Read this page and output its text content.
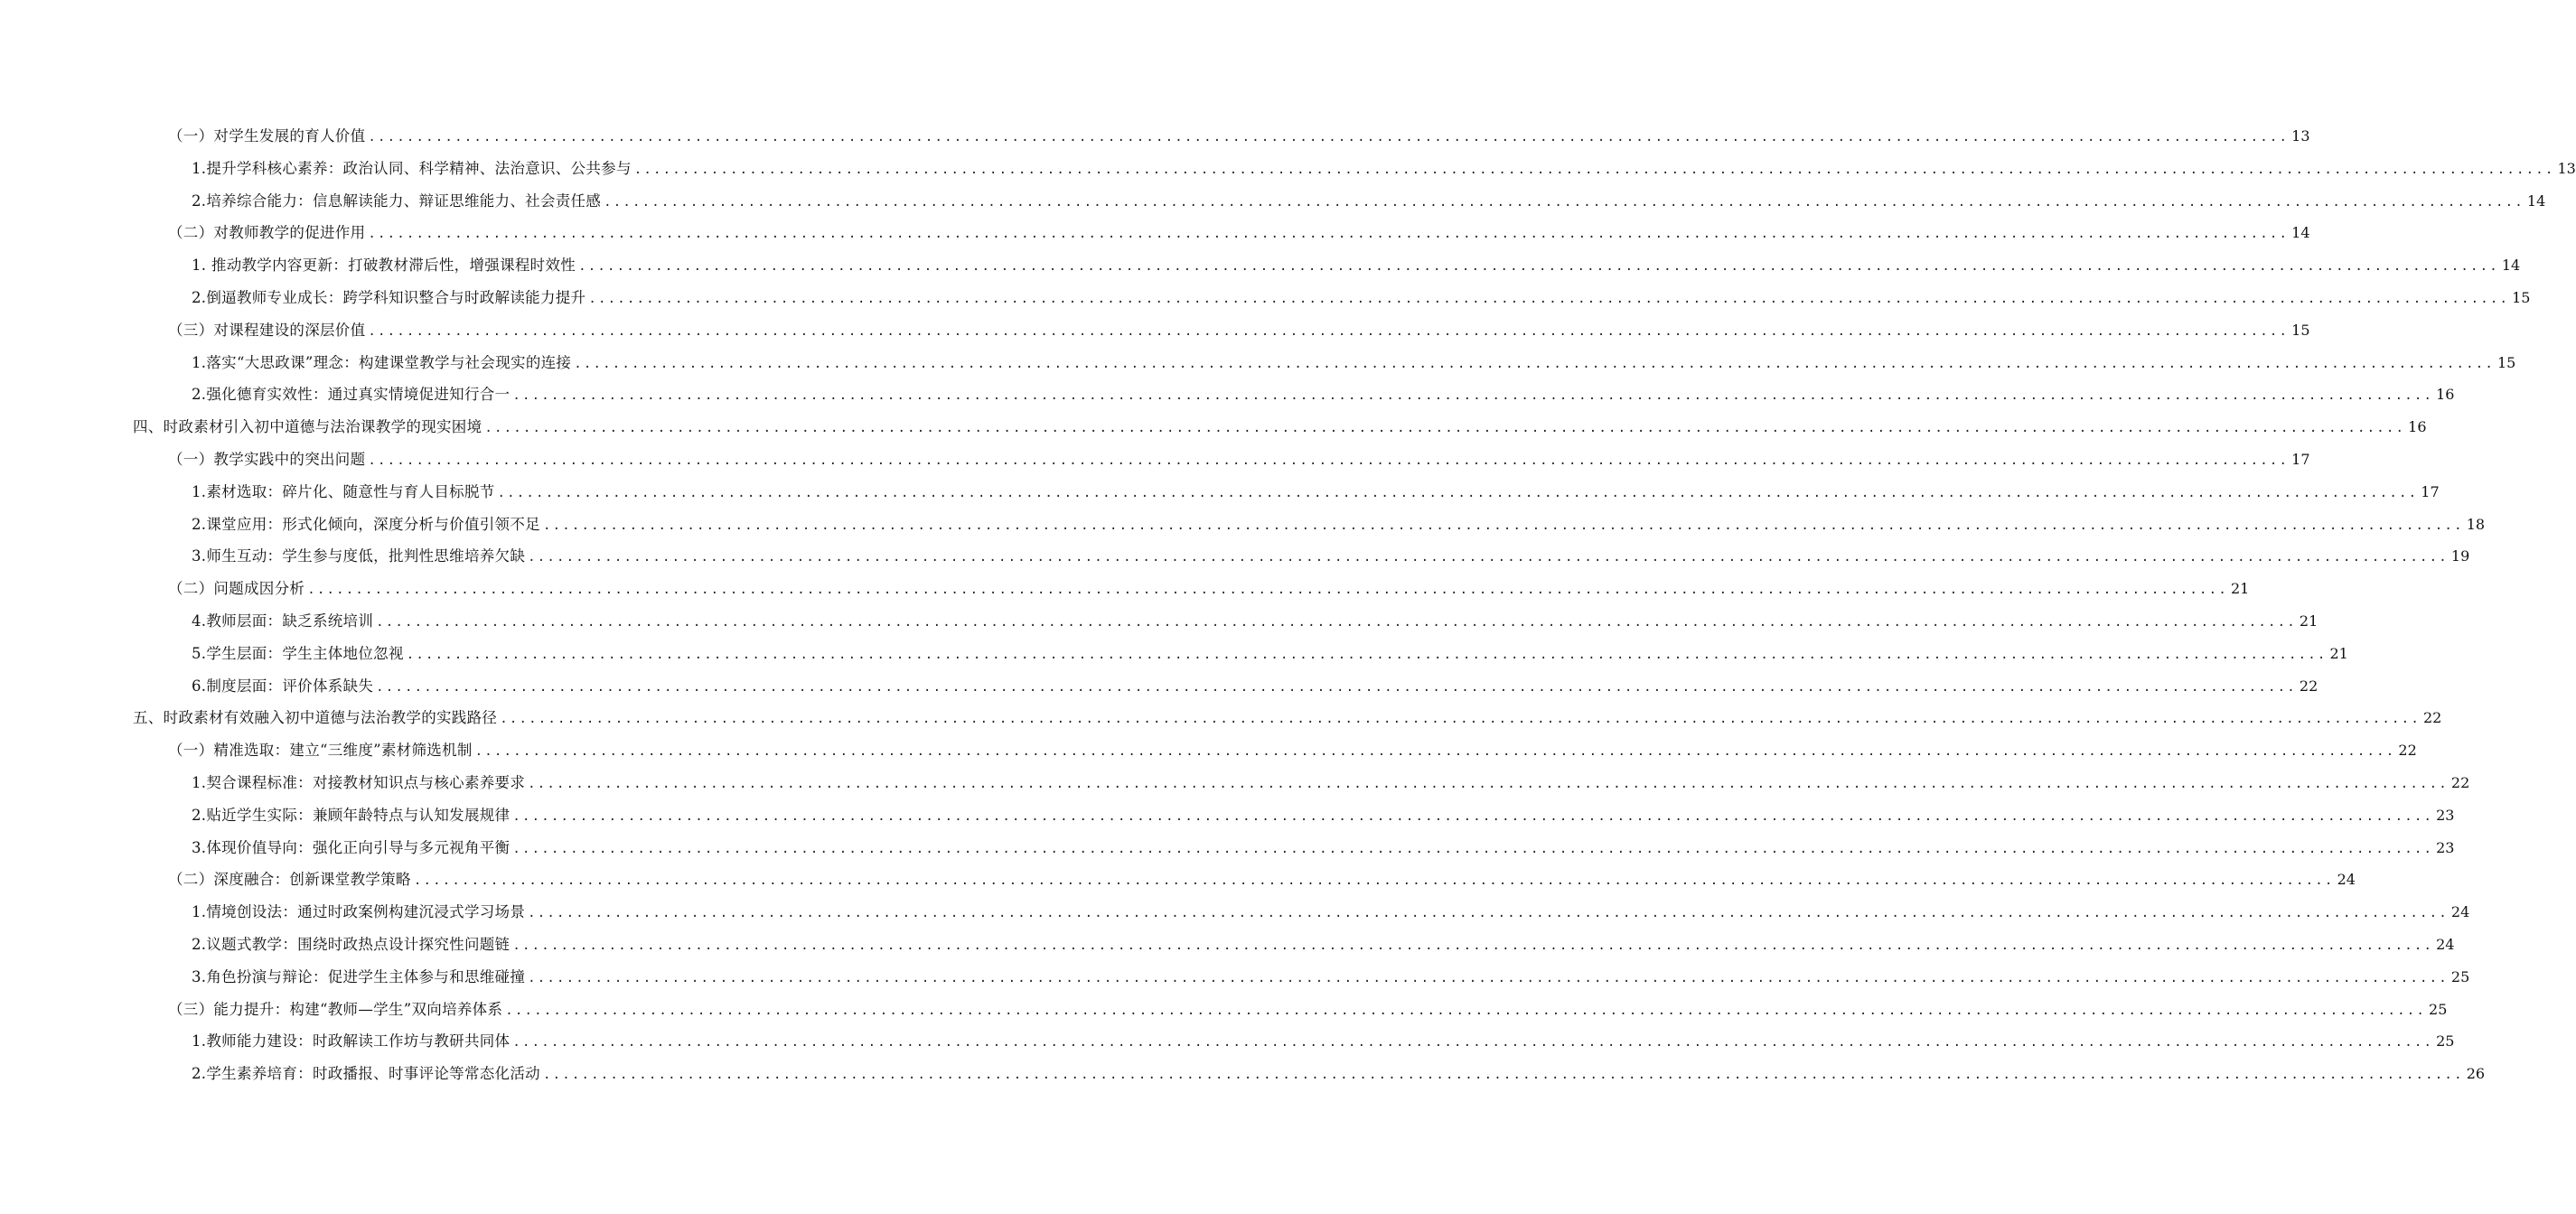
（一）对学生发展的育人价值 ........................................................................................................................................................................................................ 13
1.提升学科核心素养：政治认同、科学精神、法治意识、公共参与 ........................................................................................................................................................................................................ 13
2.培养综合能力：信息解读能力、辩证思维能力、社会责任感 ........................................................................................................................................................................................................ 14
（二）对教师教学的促进作用 ........................................................................................................................................................................................................ 14
1. 推动教学内容更新：打破教材滞后性，增强课程时效性 ........................................................................................................................................................................................................ 14
2.倒逼教师专业成长：跨学科知识整合与时政解读能力提升 ........................................................................................................................................................................................................ 15
（三）对课程建设的深层价值 ........................................................................................................................................................................................................ 15
1.落实“大思政课”理念：构建课堂教学与社会现实的连接 ........................................................................................................................................................................................................ 15
2.强化德育实效性：通过真实情境促进知行合一 ........................................................................................................................................................................................................ 16
四、时政素材引入初中道德与法治课教学的现实困境 ........................................................................................................................................................................................................ 16
（一）教学实践中的突出问题 ........................................................................................................................................................................................................ 17
1.素材选取：碎片化、随意性与育人目标脱节 ........................................................................................................................................................................................................ 17
2.课堂应用：形式化倾向，深度分析与价值引领不足 ........................................................................................................................................................................................................ 18
3.师生互动：学生参与度低，批判性思维培养欠缺 ........................................................................................................................................................................................................ 19
（二）问题成因分析 ........................................................................................................................................................................................................ 21
4.教师层面：缺乏系统培训 ........................................................................................................................................................................................................ 21
5.学生层面：学生主体地位忽视 ........................................................................................................................................................................................................ 21
6.制度层面：评价体系缺失 ........................................................................................................................................................................................................ 22
五、时政素材有效融入初中道德与法治教学的实践路径 ........................................................................................................................................................................................................ 22
（一）精准选取：建立“三维度”素材筛选机制 ........................................................................................................................................................................................................ 22
1.契合课程标准：对接教材知识点与核心素养要求 ........................................................................................................................................................................................................ 22
2.贴近学生实际：兼顾年龄特点与认知发展规律 ........................................................................................................................................................................................................ 23
3.体现价值导向：强化正向引导与多元视角平衡 ........................................................................................................................................................................................................ 23
（二）深度融合：创新课堂教学策略 ........................................................................................................................................................................................................ 24
1.情境创设法：通过时政案例构建沉浸式学习场景 ........................................................................................................................................................................................................ 24
2.议题式教学：围绕时政热点设计探究性问题链 ........................................................................................................................................................................................................ 24
3.角色扮演与辩论：促进学生主体参与和思维碰撞 ........................................................................................................................................................................................................ 25
（三）能力提升：构建“教师—学生”双向培养体系 ........................................................................................................................................................................................................ 25
1.教师能力建设：时政解读工作坊与教研共同体 ........................................................................................................................................................................................................ 25
2.学生素养培育：时政播报、时事评论等常态化活动 ........................................................................................................................................................................................................ 26
